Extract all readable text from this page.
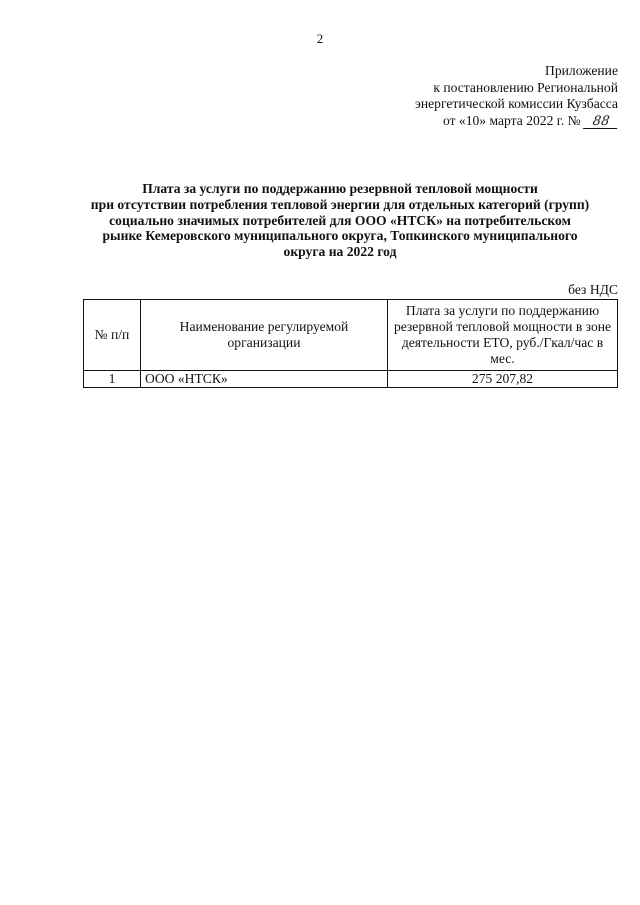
2
Приложение
к постановлению Региональной
энергетической комиссии Кузбасса
от «10» марта 2022 г. № 88
Плата за услуги по поддержанию резервной тепловой мощности
при отсутствии потребления тепловой энергии для отдельных категорий (групп)
социально значимых потребителей для ООО «НТСК» на потребительском
рынке Кемеровского муниципального округа, Топкинского муниципального
округа на 2022 год
без НДС
№ п/п	Наименование регулируемой организации	Плата за услуги по поддержанию резервной тепловой мощности в зоне деятельности ЕТО, руб./Гкал/час в мес.
1	ООО «НТСК»	275 207,82
